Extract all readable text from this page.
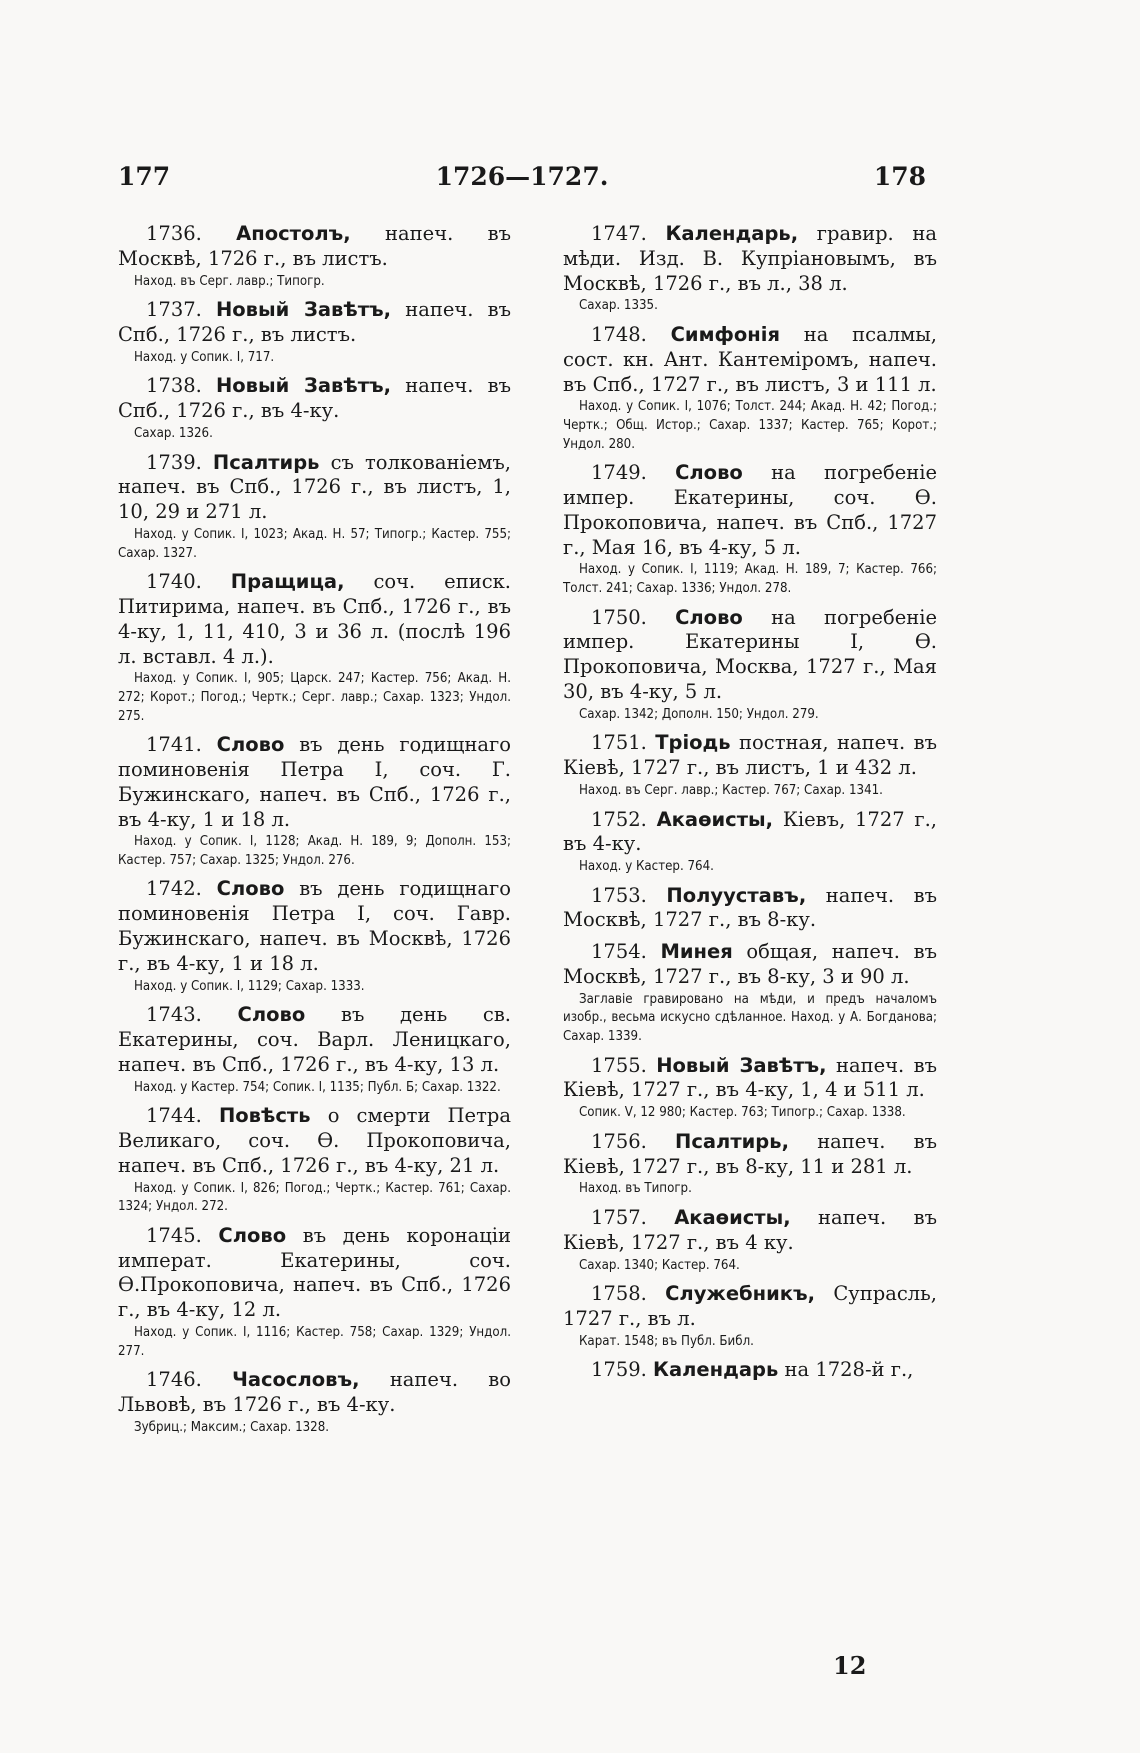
177	1726—1727.	178

1736. Апостолъ, напеч. въ Москвѣ, 1726 г., въ листъ.

Наход. въ Серг. лавр.; Типогр.

1737. Новый Завѣтъ, напеч. въ Спб., 1726 г., въ листъ.

Наход. у Сопик. I, 717.

1738. Новый Завѣтъ, напеч. въ Спб., 1726 г., въ 4-ку.

Сахар. 1326.

1739. Псалтирь съ толкованіемъ, напеч. въ Спб., 1726 г., въ листъ, 1, 10, 29 и 271 л.

Наход. у Сопик. I, 1023; Акад. Н. 57; Типогр.; Кастер. 755; Сахар. 1327.

1740. Пращица, соч. еписк. Питирима, напеч. въ Спб., 1726 г., въ 4-ку, 1, 11, 410, 3 и 36 л. (послѣ 196 л. вставл. 4 л.).

Наход. у Сопик. I, 905; Царск. 247; Кастер. 756; Акад. Н. 272; Корот.; Погод.; Чертк.; Серг. лавр.; Сахар. 1323; Ундол. 275.

1741. Слово въ день годищнаго поминовенія Петра I, соч. Г. Бужинскаго, напеч. въ Спб., 1726 г., въ 4-ку, 1 и 18 л.

Наход. у Сопик. I, 1128; Акад. Н. 189, 9; Дополн. 153; Кастер. 757; Сахар. 1325; Ундол. 276.

1742. Слово въ день годищнаго поминовенія Петра I, соч. Гавр. Бужинскаго, напеч. въ Москвѣ, 1726 г., въ 4-ку, 1 и 18 л.

Наход. у Сопик. I, 1129; Сахар. 1333.

1743. Слово въ день св. Екатерины, соч. Варл. Леницкаго, напеч. въ Спб., 1726 г., въ 4-ку, 13 л.

Наход. у Кастер. 754; Сопик. I, 1135; Публ. Б; Сахар. 1322.

1744. Повѣсть о смерти Петра Великаго, соч. Ѳ. Прокоповича, напеч. въ Спб., 1726 г., въ 4-ку, 21 л.

Наход. у Сопик. I, 826; Погод.; Чертк.; Кастер. 761; Сахар. 1324; Ундол. 272.

1745. Слово въ день коронаціи императ. Екатерины, соч. Ѳ.Прокоповича, напеч. въ Спб., 1726 г., въ 4-ку, 12 л.

Наход. у Сопик. I, 1116; Кастер. 758; Сахар. 1329; Ундол. 277.

1746. Часословъ, напеч. во Львовѣ, въ 1726 г., въ 4-ку.

Зубриц.; Максим.; Сахар. 1328.

1747. Календарь, гравир. на мѣди. Изд. В. Купріановымъ, въ Москвѣ, 1726 г., въ л., 38 л.

Сахар. 1335.

1748. Симфонія на псалмы, сост. кн. Ант. Кантеміромъ, напеч. въ Спб., 1727 г., въ листъ, 3 и 111 л.

Наход. у Сопик. I, 1076; Толст. 244; Акад. Н. 42; Погод.; Чертк.; Общ. Истор.; Сахар. 1337; Кастер. 765; Корот.; Ундол. 280.

1749. Слово на погребеніе импер. Екатерины, соч. Ѳ. Прокоповича, напеч. въ Спб., 1727 г., Мая 16, въ 4-ку, 5 л.

Наход. у Сопик. I, 1119; Акад. Н. 189, 7; Кастер. 766; Толст. 241; Сахар. 1336; Ундол. 278.

1750. Слово на погребеніе импер. Екатерины I, Ѳ. Прокоповича, Москва, 1727 г., Мая 30, въ 4-ку, 5 л.

Сахар. 1342; Дополн. 150; Ундол. 279.

1751. Тріодь постная, напеч. въ Кіевѣ, 1727 г., въ листъ, 1 и 432 л.

Наход. въ Серг. лавр.; Кастер. 767; Сахар. 1341.

1752. Акаѳисты, Кіевъ, 1727 г., въ 4-ку.

Наход. у Кастер. 764.

1753. Полууставъ, напеч. въ Москвѣ, 1727 г., въ 8-ку.

1754. Минея общая, напеч. въ Москвѣ, 1727 г., въ 8-ку, 3 и 90 л.

Заглавіе гравировано на мѣди, и предъ началомъ изобр., весьма искусно сдѣланное. Наход. у А. Богданова; Сахар. 1339.

1755. Новый Завѣтъ, напеч. въ Кіевѣ, 1727 г., въ 4-ку, 1, 4 и 511 л.

Сопик. V, 12 980; Кастер. 763; Типогр.; Сахар. 1338.

1756. Псалтирь, напеч. въ Кіевѣ, 1727 г., въ 8-ку, 11 и 281 л.

Наход. въ Типогр.

1757. Акаѳисты, напеч. въ Кіевѣ, 1727 г., въ 4 ку.

Сахар. 1340; Кастер. 764.

1758. Служебникъ, Супрасль, 1727 г., въ л.

Карат. 1548; въ Публ. Библ.

1759. Календарь на 1728-й г.,

12
